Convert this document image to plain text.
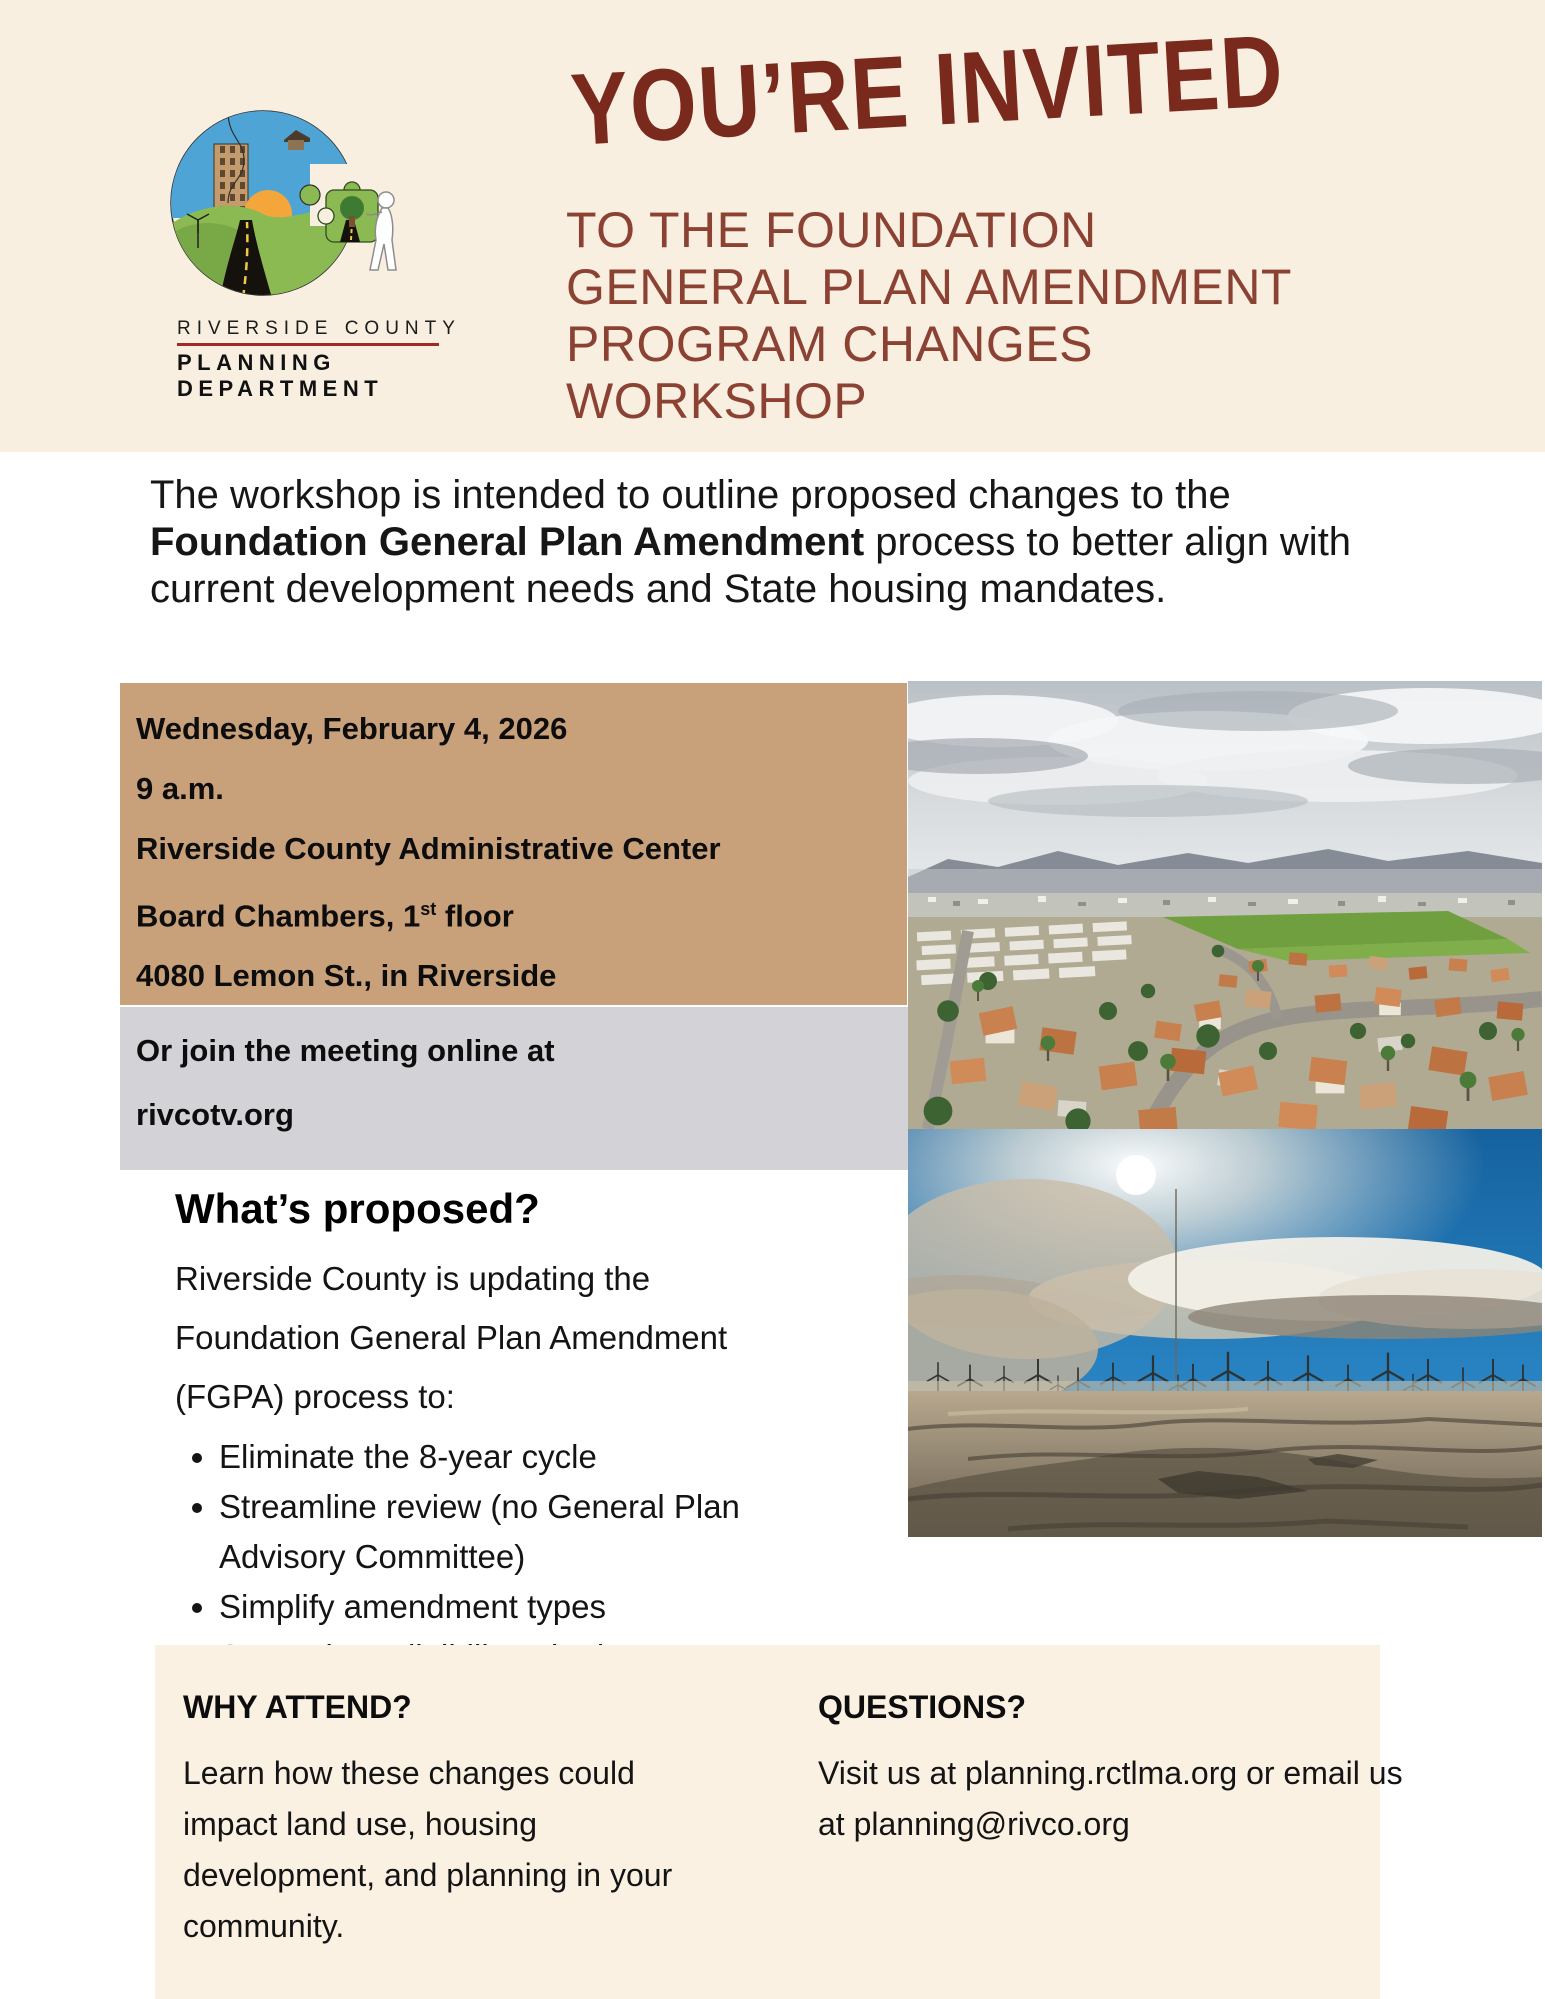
RIVERSIDE COUNTY
PLANNING DEPARTMENT
YOU’RE INVITED
TO THE FOUNDATION
GENERAL PLAN AMENDMENT
PROGRAM CHANGES
WORKSHOP
The workshop is intended to outline proposed changes to the Foundation General Plan Amendment process to better align with current development needs and State housing mandates.
Wednesday, February 4, 2026
9 a.m.
Riverside County Administrative Center
Board Chambers, 1st floor
4080 Lemon St., in Riverside
Or join the meeting online at
rivcotv.org
What’s proposed?
Riverside County is updating the Foundation General Plan Amendment (FGPA) process to:
• Eliminate the 8-year cycle
• Streamline review (no General Plan Advisory Committee)
• Simplify amendment types
•
WHY ATTEND?
Learn how these changes could impact land use, housing development, and planning in your community.
QUESTIONS?
Visit us at planning.rctlma.org or email us at planning@rivco.org
